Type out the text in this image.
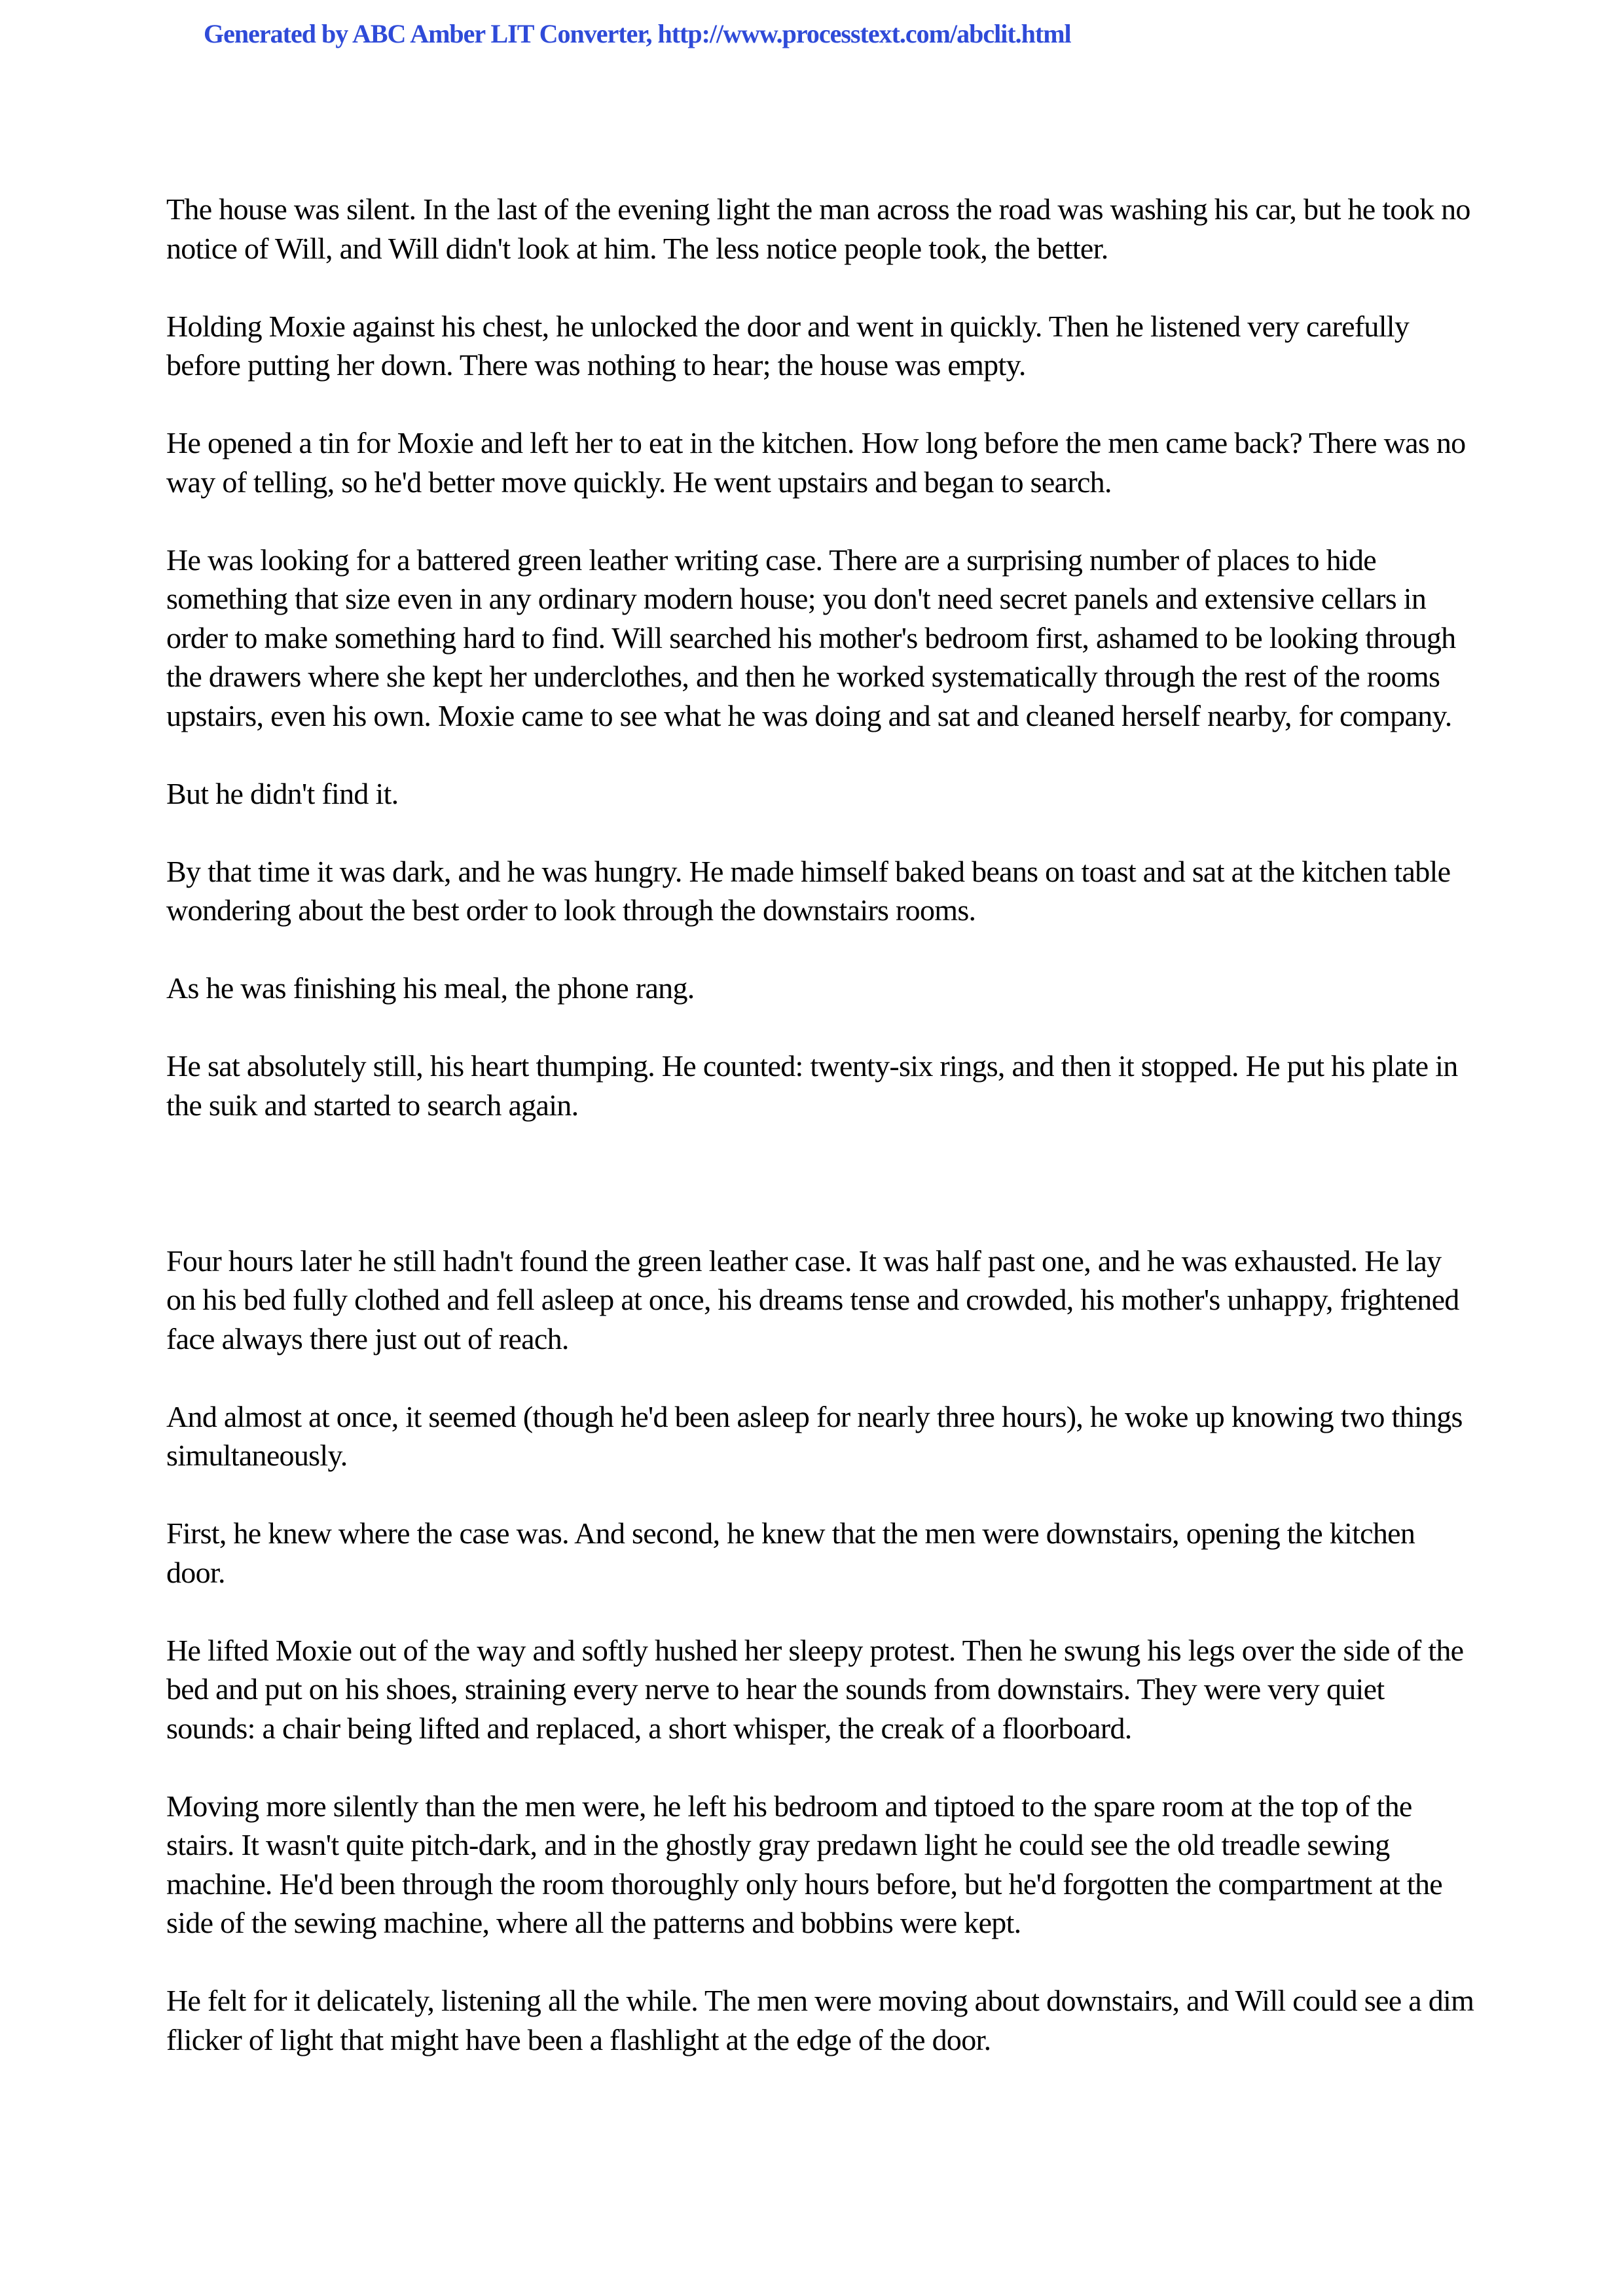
Generated by ABC Amber LIT Converter, http://www.processtext.com/abclit.html

The house was silent. In the last of the evening light the man across the road was washing his car, but he took no notice of Will, and Will didn't look at him. The less notice people took, the better.

Holding Moxie against his chest, he unlocked the door and went in quickly. Then he listened very carefully before putting her down. There was nothing to hear; the house was empty.

He opened a tin for Moxie and left her to eat in the kitchen. How long before the men came back? There was no way of telling, so he'd better move quickly. He went upstairs and began to search.

He was looking for a battered green leather writing case. There are a surprising number of places to hide something that size even in any ordinary modern house; you don't need secret panels and extensive cellars in order to make something hard to find. Will searched his mother's bedroom first, ashamed to be looking through the drawers where she kept her underclothes, and then he worked systematically through the rest of the rooms upstairs, even his own. Moxie came to see what he was doing and sat and cleaned herself nearby, for company.

But he didn't find it.

By that time it was dark, and he was hungry. He made himself baked beans on toast and sat at the kitchen table wondering about the best order to look through the downstairs rooms.

As he was finishing his meal, the phone rang.

He sat absolutely still, his heart thumping. He counted: twenty-six rings, and then it stopped. He put his plate in the suik and started to search again.

Four hours later he still hadn't found the green leather case. It was half past one, and he was exhausted. He lay on his bed fully clothed and fell asleep at once, his dreams tense and crowded, his mother's unhappy, frightened face always there just out of reach.

And almost at once, it seemed (though he'd been asleep for nearly three hours), he woke up knowing two things simultaneously.

First, he knew where the case was. And second, he knew that the men were downstairs, opening the kitchen door.

He lifted Moxie out of the way and softly hushed her sleepy protest. Then he swung his legs over the side of the bed and put on his shoes, straining every nerve to hear the sounds from downstairs. They were very quiet sounds: a chair being lifted and replaced, a short whisper, the creak of a floorboard.

Moving more silently than the men were, he left his bedroom and tiptoed to the spare room at the top of the stairs. It wasn't quite pitch-dark, and in the ghostly gray predawn light he could see the old treadle sewing machine. He'd been through the room thoroughly only hours before, but he'd forgotten the compartment at the side of the sewing machine, where all the patterns and bobbins were kept.

He felt for it delicately, listening all the while. The men were moving about downstairs, and Will could see a dim flicker of light that might have been a flashlight at the edge of the door.
